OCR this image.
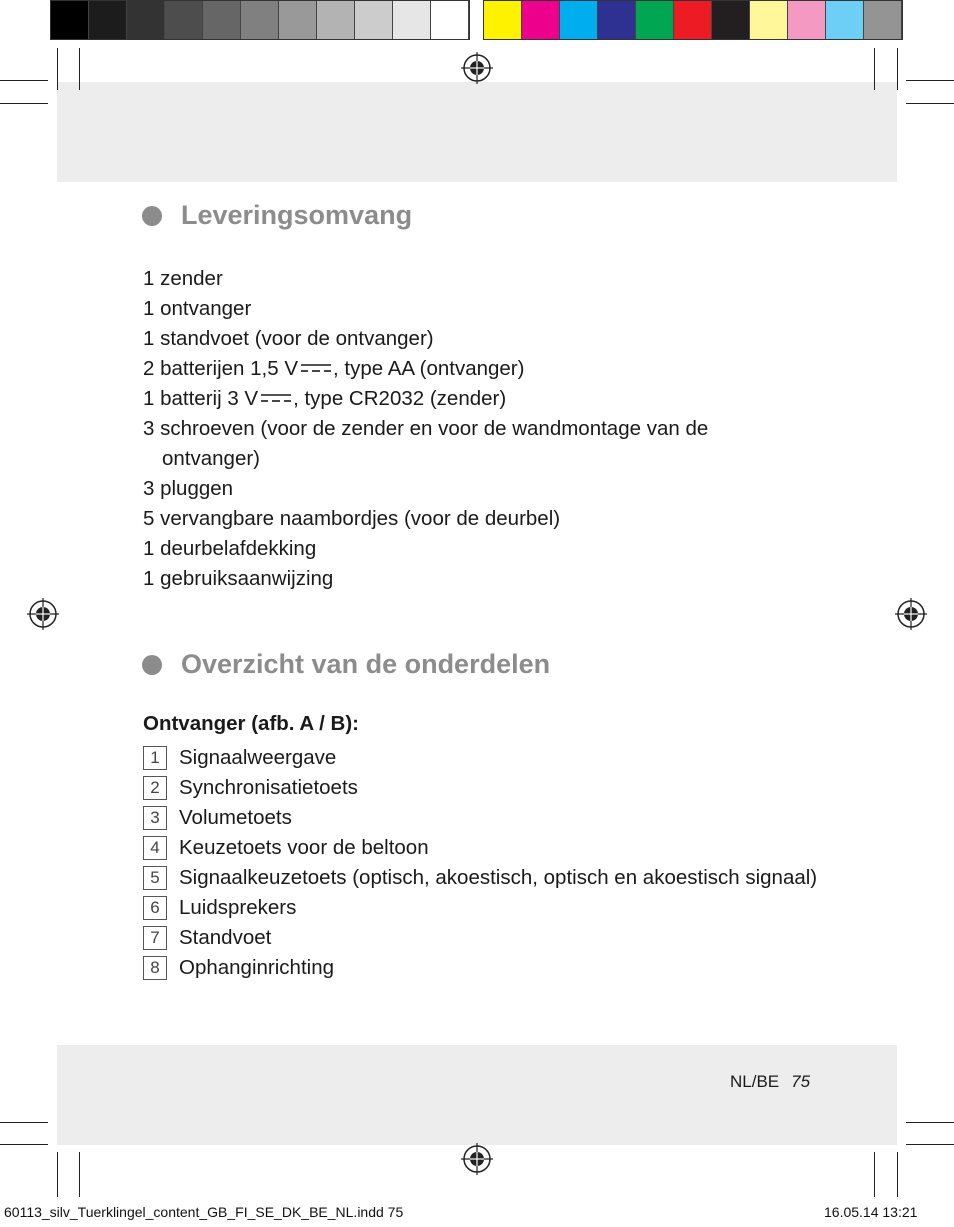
Leveringsomvang
1 zender
1 ontvanger
1 standvoet (voor de ontvanger)
2 batterijen 1,5 V , type AA (ontvanger)
1 batterij 3 V , type CR2032 (zender)
3 schroeven (voor de zender en voor de wandmontage van de
ontvanger)
3 pluggen
5 vervangbare naambordjes (voor de deurbel)
1 deurbelafdekking
1 gebruiksaanwijzing
Overzicht van de onderdelen
Ontvanger (afb. A / B):
1 Signaalweergave
2 Synchronisatietoets
3 Volumetoets
4 Keuzetoets voor de beltoon
5 Signaalkeuzetoets (optisch, akoestisch, optisch en akoestisch signaal)
6 Luidsprekers
7 Standvoet
8 Ophanginrichting
NL/BE 75
60113_silv_Tuerklingel_content_GB_FI_SE_DK_BE_NL.indd 75	16.05.14 13:21
